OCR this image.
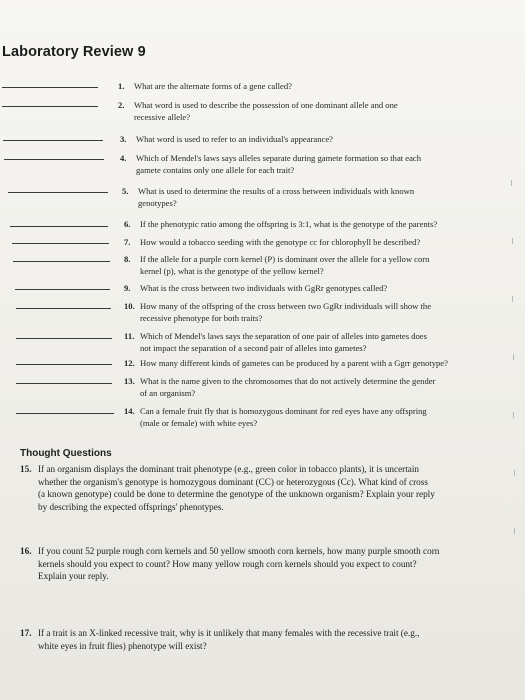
Laboratory Review 9
1. What are the alternate forms of a gene called?
2. What word is used to describe the possession of one dominant allele and one
recessive allele?
3. What word is used to refer to an individual's appearance?
4. Which of Mendel's laws says alleles separate during gamete formation so that each
gamete contains only one allele for each trait?
5. What is used to determine the results of a cross between individuals with known
genotypes?
6. If the phenotypic ratio among the offspring is 3:1, what is the genotype of the parents?
7. How would a tobacco seeding with the genotype cc for chlorophyll be described?
8. If the allele for a purple corn kernel (P) is dominant over the allele for a yellow corn
kernel (p), what is the genotype of the yellow kernel?
9. What is the cross between two individuals with GgRr genotypes called?
10. How many of the offspring of the cross between two GgRr individuals will show the
recessive phenotype for both traits?
11. Which of Mendel's laws says the separation of one pair of alleles into gametes does
not impact the separation of a second pair of alleles into gametes?
12. How many different kinds of gametes can be produced by a parent with a Ggrr genotype?
13. What is the name given to the chromosomes that do not actively determine the gender
of an organism?
14. Can a female fruit fly that is homozygous dominant for red eyes have any offspring
(male or female) with white eyes?
Thought Questions
15. If an organism displays the dominant trait phenotype (e.g., green color in tobacco plants), it is uncertain
whether the organism's genotype is homozygous dominant (CC) or heterozygous (Cc). What kind of cross
(a known genotype) could be done to determine the genotype of the unknown organism? Explain your reply
by describing the expected offsprings' phenotypes.
16. If you count 52 purple rough corn kernels and 50 yellow smooth corn kernels, how many purple smooth corn
kernels should you expect to count? How many yellow rough corn kernels should you expect to count?
Explain your reply.
17. If a trait is an X-linked recessive trait, why is it unlikely that many females with the recessive trait (e.g.,
white eyes in fruit flies) phenotype will exist?
